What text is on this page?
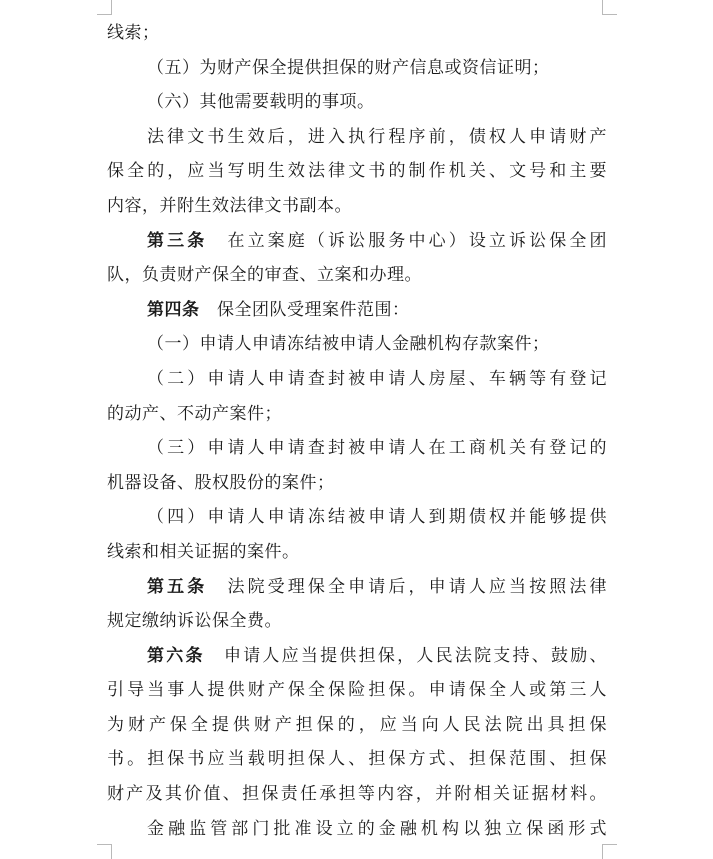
线索；
（五）为财产保全提供担保的财产信息或资信证明；
（六）其他需要载明的事项。
法律文书生效后，进入执行程序前，债权人申请财产
保全的，应当写明生效法律文书的制作机关、文号和主要
内容，并附生效法律文书副本。
第三条  在立案庭（诉讼服务中心）设立诉讼保全团
队，负责财产保全的审查、立案和办理。
第四条  保全团队受理案件范围：
（一）申请人申请冻结被申请人金融机构存款案件；
（二）申请人申请查封被申请人房屋、车辆等有登记
的动产、不动产案件；
（三）申请人申请查封被申请人在工商机关有登记的
机器设备、股权股份的案件；
（四）申请人申请冻结被申请人到期债权并能够提供
线索和相关证据的案件。
第五条  法院受理保全申请后，申请人应当按照法律
规定缴纳诉讼保全费。
第六条  申请人应当提供担保，人民法院支持、鼓励、
引导当事人提供财产保全保险担保。申请保全人或第三人
为财产保全提供财产担保的，应当向人民法院出具担保
书。担保书应当载明担保人、担保方式、担保范围、担保
财产及其价值、担保责任承担等内容，并附相关证据材料。
金融监管部门批准设立的金融机构以独立保函形式
